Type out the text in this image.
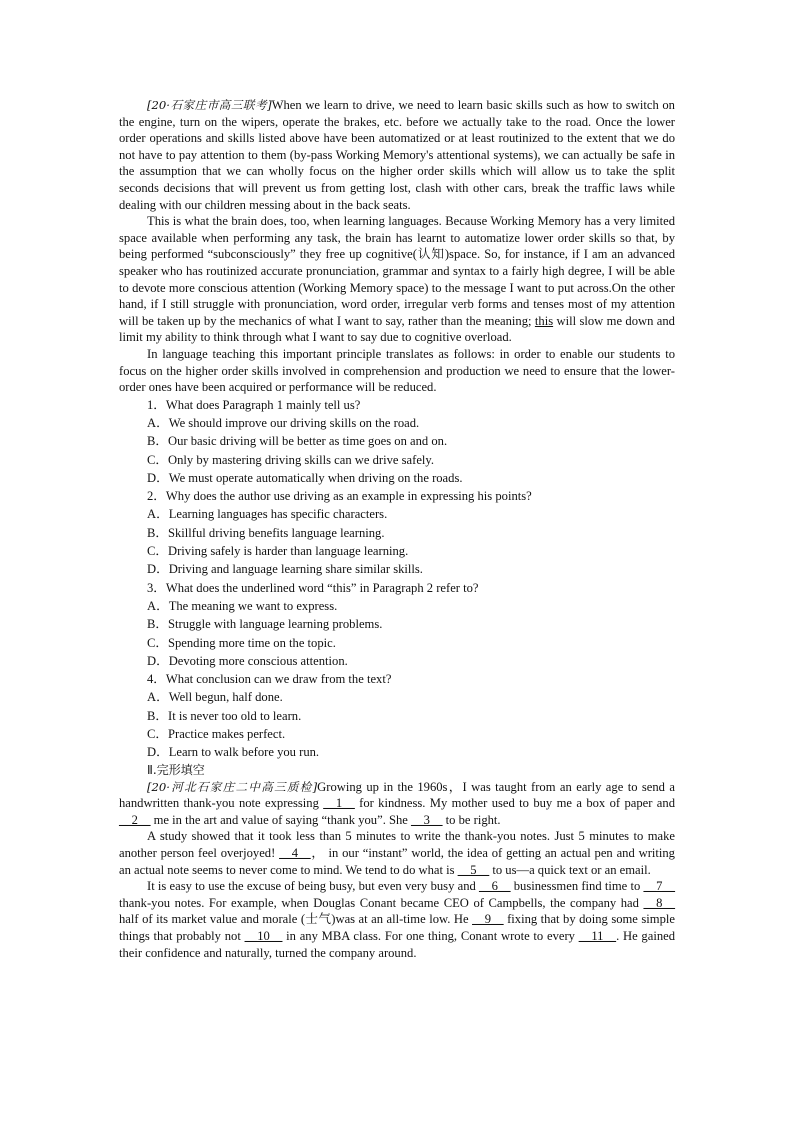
[20·石家庄市高三联考]When we learn to drive, we need to learn basic skills such as how to switch on the engine, turn on the wipers, operate the brakes, etc. before we actually take to the road. Once the lower order operations and skills listed above have been automatized or at least routinized to the extent that we do not have to pay attention to them (by-pass Working Memory's attentional systems), we can actually be safe in the assumption that we can wholly focus on the higher order skills which will allow us to take the split seconds decisions that will prevent us from getting lost, clash with other cars, break the traffic laws while dealing with our children messing about in the back seats.

This is what the brain does, too, when learning languages. Because Working Memory has a very limited space available when performing any task, the brain has learnt to automatize lower order skills so that, by being performed “subconsciously” they free up cognitive(认知)space. So, for instance, if I am an advanced speaker who has routinized accurate pronunciation, grammar and syntax to a fairly high degree, I will be able to devote more conscious attention (Working Memory space) to the message I want to put across.On the other hand, if I still struggle with pronunciation, word order, irregular verb forms and tenses most of my attention will be taken up by the mechanics of what I want to say, rather than the meaning; this will slow me down and limit my ability to think through what I want to say due to cognitive overload.

In language teaching this important principle translates as follows: in order to enable our students to focus on the higher order skills involved in comprehension and production we need to ensure that the lower-order ones have been acquired or performance will be reduced.

1．What does Paragraph 1 mainly tell us?

A．We should improve our driving skills on the road.

B．Our basic driving will be better as time goes on and on.

C．Only by mastering driving skills can we drive safely.

D．We must operate automatically when driving on the roads.

2．Why does the author use driving as an example in expressing his points?

A．Learning languages has specific characters.

B．Skillful driving benefits language learning.

C．Driving safely is harder than language learning.

D．Driving and language learning share similar skills.

3．What does the underlined word “this” in Paragraph 2 refer to?

A．The meaning we want to express.

B．Struggle with language learning problems.

C．Spending more time on the topic.

D．Devoting more conscious attention.

4．What conclusion can we draw from the text?

A．Well begun, half done.

B．It is never too old to learn.

C．Practice makes perfect.

D．Learn to walk before you run.

Ⅱ.完形填空

[20·河北石家庄二中高三质检]Growing up in the 1960s，I was taught from an early age to send a handwritten thank-you note expressing __1__ for kindness. My mother used to buy me a box of paper and __2__ me in the art and value of saying “thank you”. She __3__ to be right.

A study showed that it took less than 5 minutes to write the thank-you notes. Just 5 minutes to make another person feel overjoyed! __4__， in our “instant” world, the idea of getting an actual pen and writing an actual note seems to never come to mind. We tend to do what is __5__ to us—a quick text or an email.

It is easy to use the excuse of being busy, but even very busy and __6__ businessmen find time to __7__ thank-you notes. For example, when Douglas Conant became CEO of Campbells, the company had __8__ half of its market value and morale (士气)was at an all-time low. He __9__ fixing that by doing some simple things that probably not __10__ in any MBA class. For one thing, Conant wrote to every __11__. He gained their confidence and naturally, turned the company around.
